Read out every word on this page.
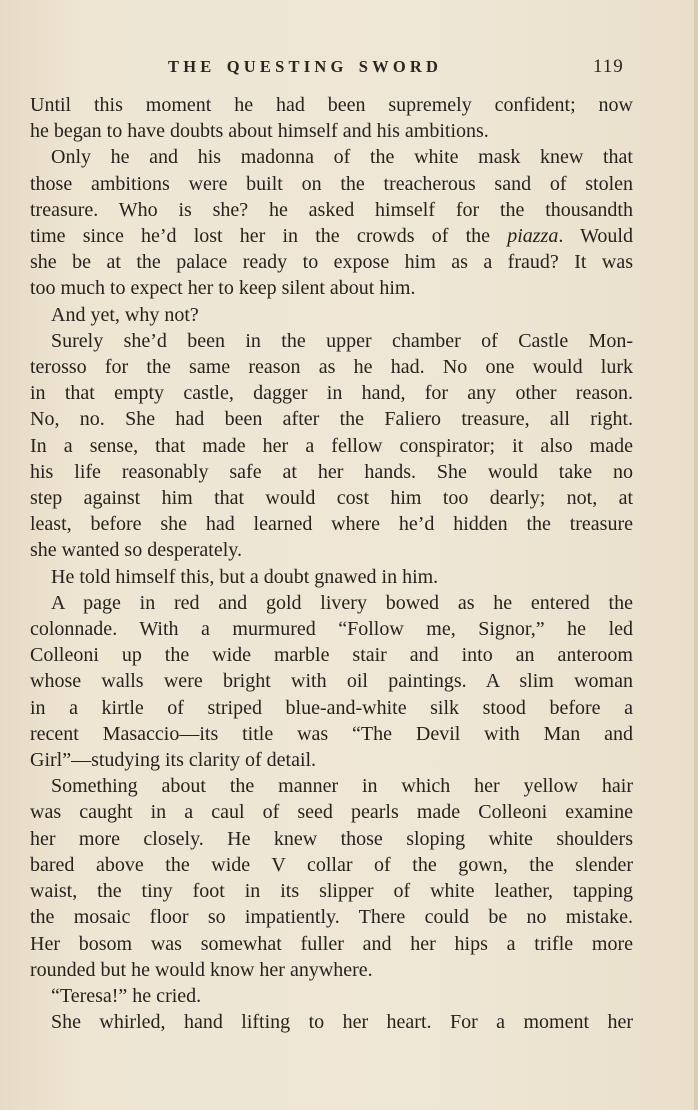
THE QUESTING SWORD	119
Until this moment he had been supremely confident; now
he began to have doubts about himself and his ambitions.
Only he and his madonna of the white mask knew that
those ambitions were built on the treacherous sand of stolen
treasure. Who is she? he asked himself for the thousandth
time since he’d lost her in the crowds of the piazza. Would
she be at the palace ready to expose him as a fraud? It was
too much to expect her to keep silent about him.
And yet, why not?
Surely she’d been in the upper chamber of Castle Mon-
terosso for the same reason as he had. No one would lurk
in that empty castle, dagger in hand, for any other reason.
No, no. She had been after the Faliero treasure, all right.
In a sense, that made her a fellow conspirator; it also made
his life reasonably safe at her hands. She would take no
step against him that would cost him too dearly; not, at
least, before she had learned where he’d hidden the treasure
she wanted so desperately.
He told himself this, but a doubt gnawed in him.
A page in red and gold livery bowed as he entered the
colonnade. With a murmured “Follow me, Signor,” he led
Colleoni up the wide marble stair and into an anteroom
whose walls were bright with oil paintings. A slim woman
in a kirtle of striped blue-and-white silk stood before a
recent Masaccio—its title was “The Devil with Man and
Girl”—studying its clarity of detail.
Something about the manner in which her yellow hair
was caught in a caul of seed pearls made Colleoni examine
her more closely. He knew those sloping white shoulders
bared above the wide V collar of the gown, the slender
waist, the tiny foot in its slipper of white leather, tapping
the mosaic floor so impatiently. There could be no mistake.
Her bosom was somewhat fuller and her hips a trifle more
rounded but he would know her anywhere.
“Teresa!” he cried.
She whirled, hand lifting to her heart. For a moment her
